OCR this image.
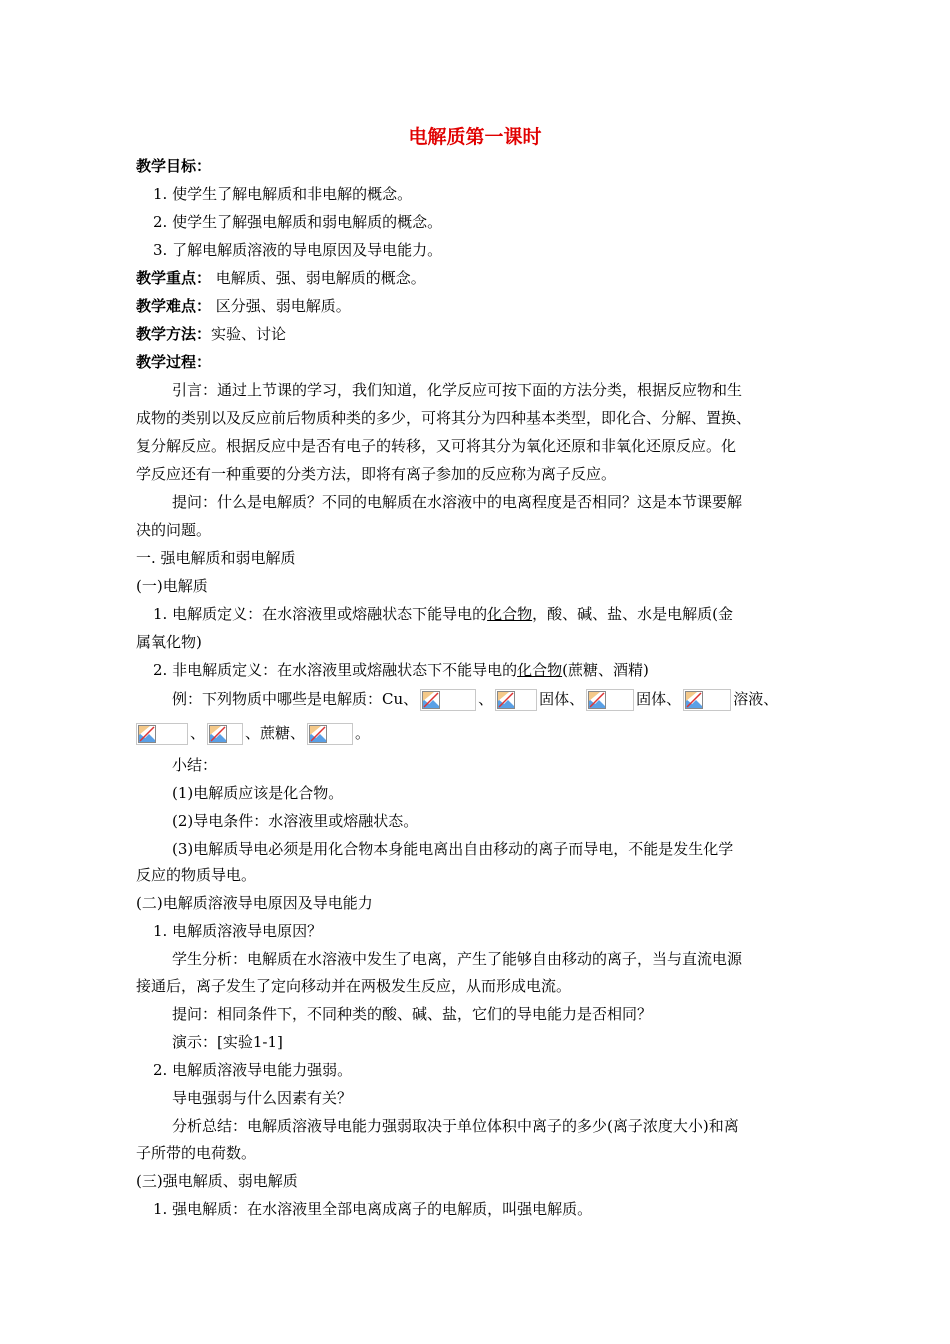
电解质第一课时
教学目标：
1. 使学生了解电解质和非电解的概念。
2. 使学生了解强电解质和弱电解质的概念。
3. 了解电解质溶液的导电原因及导电能力。
教学重点： 电解质、强、弱电解质的概念。
教学难点： 区分强、弱电解质。
教学方法：实验、讨论
教学过程：
引言：通过上节课的学习，我们知道，化学反应可按下面的方法分类，根据反应物和生
成物的类别以及反应前后物质种类的多少，可将其分为四种基本类型，即化合、分解、置换、
复分解反应。根据反应中是否有电子的转移，又可将其分为氧化还原和非氧化还原反应。化
学反应还有一种重要的分类方法，即将有离子参加的反应称为离子反应。
提问：什么是电解质？不同的电解质在水溶液中的电离程度是否相同？这是本节课要解
决的问题。
一. 强电解质和弱电解质
(一)电解质
1. 电解质定义：在水溶液里或熔融状态下能导电的化合物，酸、碱、盐、水是电解质(金
属氧化物)
2. 非电解质定义：在水溶液里或熔融状态下不能导电的化合物(蔗糖、酒精)
例：下列物质中哪些是电解质：Cu、	、	固体、	固体、	溶液、
、	、蔗糖、	。
小结：
(1)电解质应该是化合物。
(2)导电条件：水溶液里或熔融状态。
(3)电解质导电必须是用化合物本身能电离出自由移动的离子而导电，不能是发生化学
反应的物质导电。
(二)电解质溶液导电原因及导电能力
1. 电解质溶液导电原因？
学生分析：电解质在水溶液中发生了电离，产生了能够自由移动的离子，当与直流电源
接通后，离子发生了定向移动并在两极发生反应，从而形成电流。
提问：相同条件下，不同种类的酸、碱、盐，它们的导电能力是否相同？
演示：[实验1-1]
2. 电解质溶液导电能力强弱。
导电强弱与什么因素有关？
分析总结：电解质溶液导电能力强弱取决于单位体积中离子的多少(离子浓度大小)和离
子所带的电荷数。
(三)强电解质、弱电解质
1. 强电解质：在水溶液里全部电离成离子的电解质，叫强电解质。
